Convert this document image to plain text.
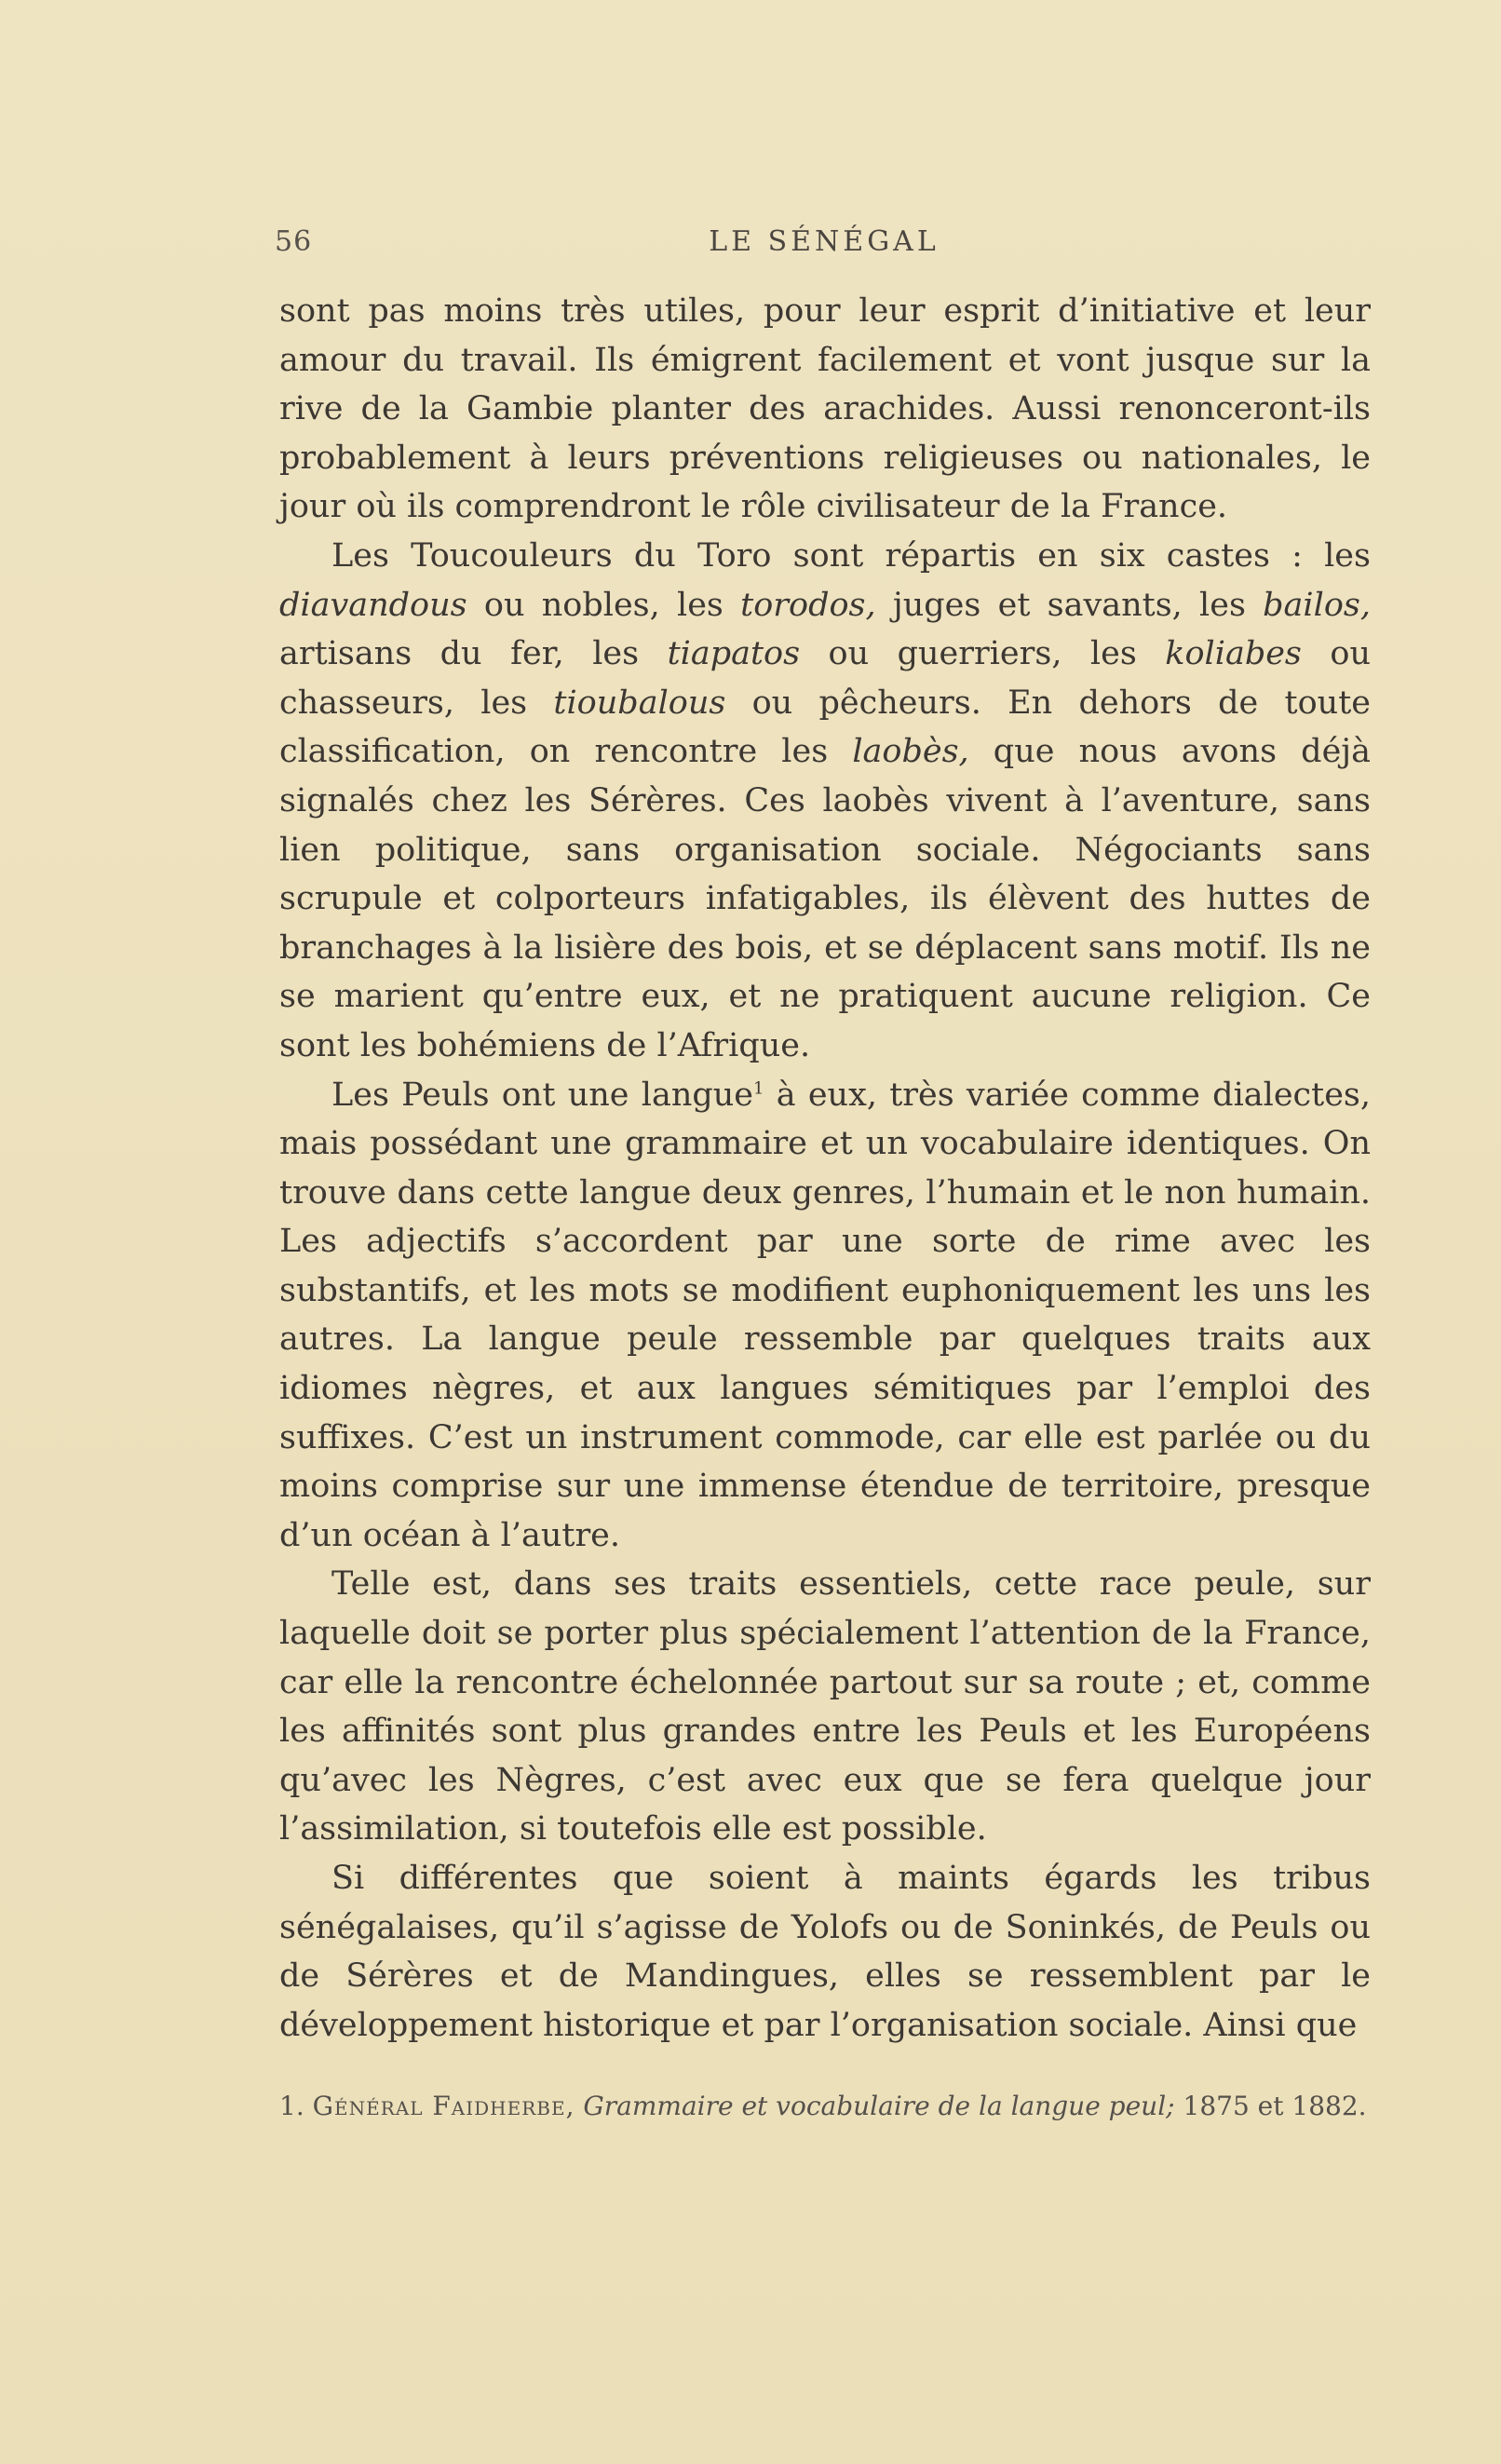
56	LE SÉNÉGAL

sont pas moins très utiles, pour leur esprit d’initiative et leur amour du travail. Ils émigrent facilement et vont jusque sur la rive de la Gambie planter des arachides. Aussi renonceront-ils probablement à leurs préventions religieuses ou nationales, le jour où ils comprendront le rôle civilisateur de la France.

Les Toucouleurs du Toro sont répartis en six castes : les diavandous ou nobles, les torodos, juges et savants, les bailos, artisans du fer, les tiapatos ou guerriers, les koliabes ou chasseurs, les tioubalous ou pêcheurs. En dehors de toute classification, on rencontre les laobès, que nous avons déjà signalés chez les Sérères. Ces laobès vivent à l’aventure, sans lien politique, sans organisation sociale. Négociants sans scrupule et colporteurs infatigables, ils élèvent des huttes de branchages à la lisière des bois, et se déplacent sans motif. Ils ne se marient qu’entre eux, et ne pratiquent aucune religion. Ce sont les bohémiens de l’Afrique.

Les Peuls ont une langue$^1$ à eux, très variée comme dialectes, mais possédant une grammaire et un vocabulaire identiques. On trouve dans cette langue deux genres, l’humain et le non humain. Les adjectifs s’accordent par une sorte de rime avec les substantifs, et les mots se modifient euphoniquement les uns les autres. La langue peule ressemble par quelques traits aux idiomes nègres, et aux langues sémitiques par l’emploi des suffixes. C’est un instrument commode, car elle est parlée ou du moins comprise sur une immense étendue de territoire, presque d’un océan à l’autre.

Telle est, dans ses traits essentiels, cette race peule, sur laquelle doit se porter plus spécialement l’attention de la France, car elle la rencontre échelonnée partout sur sa route ; et, comme les affinités sont plus grandes entre les Peuls et les Européens qu’avec les Nègres, c’est avec eux que se fera quelque jour l’assimilation, si toutefois elle est possible.

Si différentes que soient à maints égards les tribus sénégalaises, qu’il s’agisse de Yolofs ou de Soninkés, de Peuls ou de Sérères et de Mandingues, elles se ressemblent par le développement historique et par l’organisation sociale. Ainsi que

1. Général Faidherbe, Grammaire et vocabulaire de la langue peul; 1875 et 1882.
